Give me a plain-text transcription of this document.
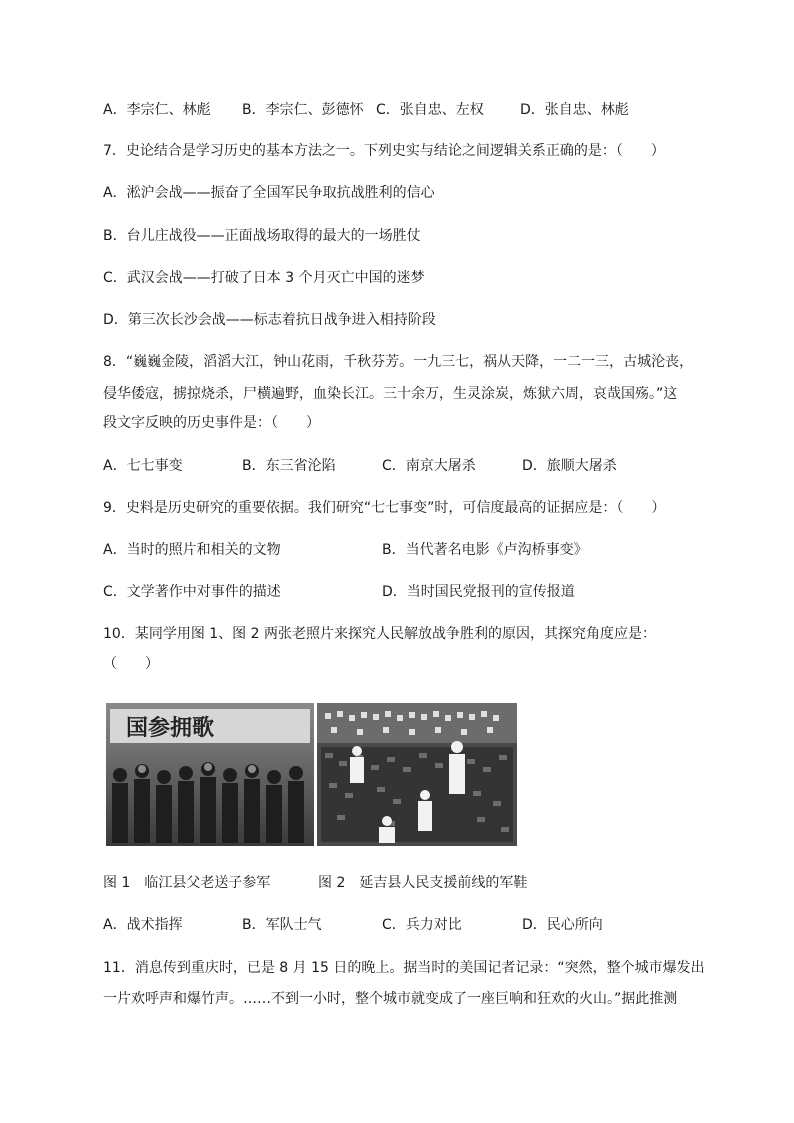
A．李宗仁、林彪 B．李宗仁、彭德怀 C．张自忠、左权	D．张自忠、林彪
7．史论结合是学习历史的基本方法之一。下列史实与结论之间逻辑关系正确的是：（　　）
A．淞沪会战——振奋了全国军民争取抗战胜利的信心
B．台儿庄战役——正面战场取得的最大的一场胜仗
C．武汉会战——打破了日本 3 个月灭亡中国的迷梦
D．第三次长沙会战——标志着抗日战争进入相持阶段
8．“巍巍金陵，滔滔大江，钟山花雨，千秋芬芳。一九三七，祸从天降，一二一三，古城沦丧，
侵华倭寇，掳掠烧杀，尸横遍野，血染长江。三十余万，生灵涂炭，炼狱六周，哀哉国殇。”这
段文字反映的历史事件是：（　　）
A．七七事变	B．东三省沦陷	C．南京大屠杀	D．旅顺大屠杀
9．史料是历史研究的重要依据。我们研究“七七事变”时，可信度最高的证据应是：（　　）
A．当时的照片和相关的文物	B．当代著名电影《卢沟桥事变》
C．文学著作中对事件的描述	D．当时国民党报刊的宣传报道
10．某同学用图 1、图 2 两张老照片来探究人民解放战争胜利的原因，其探究角度应是：
（　　）
国参拥歌
图 1　临江县父老送子参军	图 2　延吉县人民支援前线的军鞋
A．战术指挥	B．军队士气	C．兵力对比	D．民心所向
11．消息传到重庆时，已是 8 月 15 日的晚上。据当时的美国记者记录：“突然，整个城市爆发出
一片欢呼声和爆竹声。……不到一小时，整个城市就变成了一座巨响和狂欢的火山。”据此推测
